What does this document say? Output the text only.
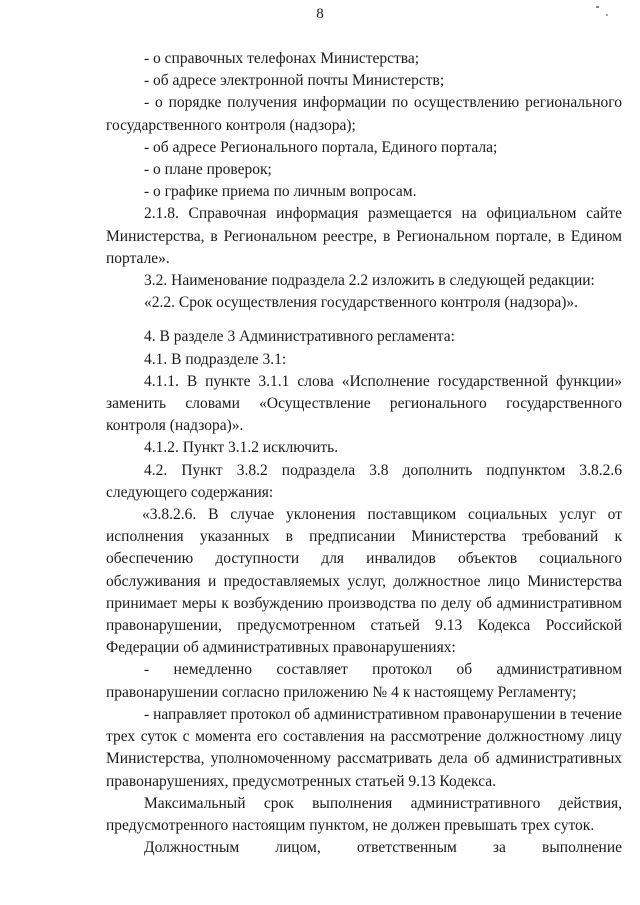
8

- о справочных телефонах Министерства;

- об адресе электронной почты Министерств;

- о порядке получения информации по осуществлению регионального государственного контроля (надзора);

- об адресе Регионального портала, Единого портала;

- о плане проверок;

- о графике приема по личным вопросам.

2.1.8. Справочная информация размещается на официальном сайте Министерства, в Региональном реестре, в Региональном портале, в Едином портале».

3.2. Наименование подраздела 2.2 изложить в следующей редакции:

«2.2. Срок осуществления государственного контроля (надзора)».

4. В разделе 3 Административного регламента:

4.1. В подразделе 3.1:

4.1.1. В пункте 3.1.1 слова «Исполнение государственной функции» заменить словами «Осуществление регионального государственного контроля (надзора)».

4.1.2. Пункт 3.1.2 исключить.

4.2. Пункт 3.8.2 подраздела 3.8 дополнить подпунктом 3.8.2.6 следующего содержания:

«3.8.2.6. В случае уклонения поставщиком социальных услуг от исполнения указанных в предписании Министерства требований к обеспечению доступности для инвалидов объектов социального обслуживания и предоставляемых услуг, должностное лицо Министерства принимает меры к возбуждению производства по делу об административном правонарушении, предусмотренном статьей 9.13 Кодекса Российской Федерации об административных правонарушениях:

- немедленно составляет протокол об административном правонарушении согласно приложению № 4 к настоящему Регламенту;

- направляет протокол об административном правонарушении в течение трех суток с момента его составления на рассмотрение должностному лицу Министерства, уполномоченному рассматривать дела об административных правонарушениях, предусмотренных статьей 9.13 Кодекса.

Максимальный срок выполнения административного действия, предусмотренного настоящим пунктом, не должен превышать трех суток.

Должностным лицом, ответственным за выполнение
